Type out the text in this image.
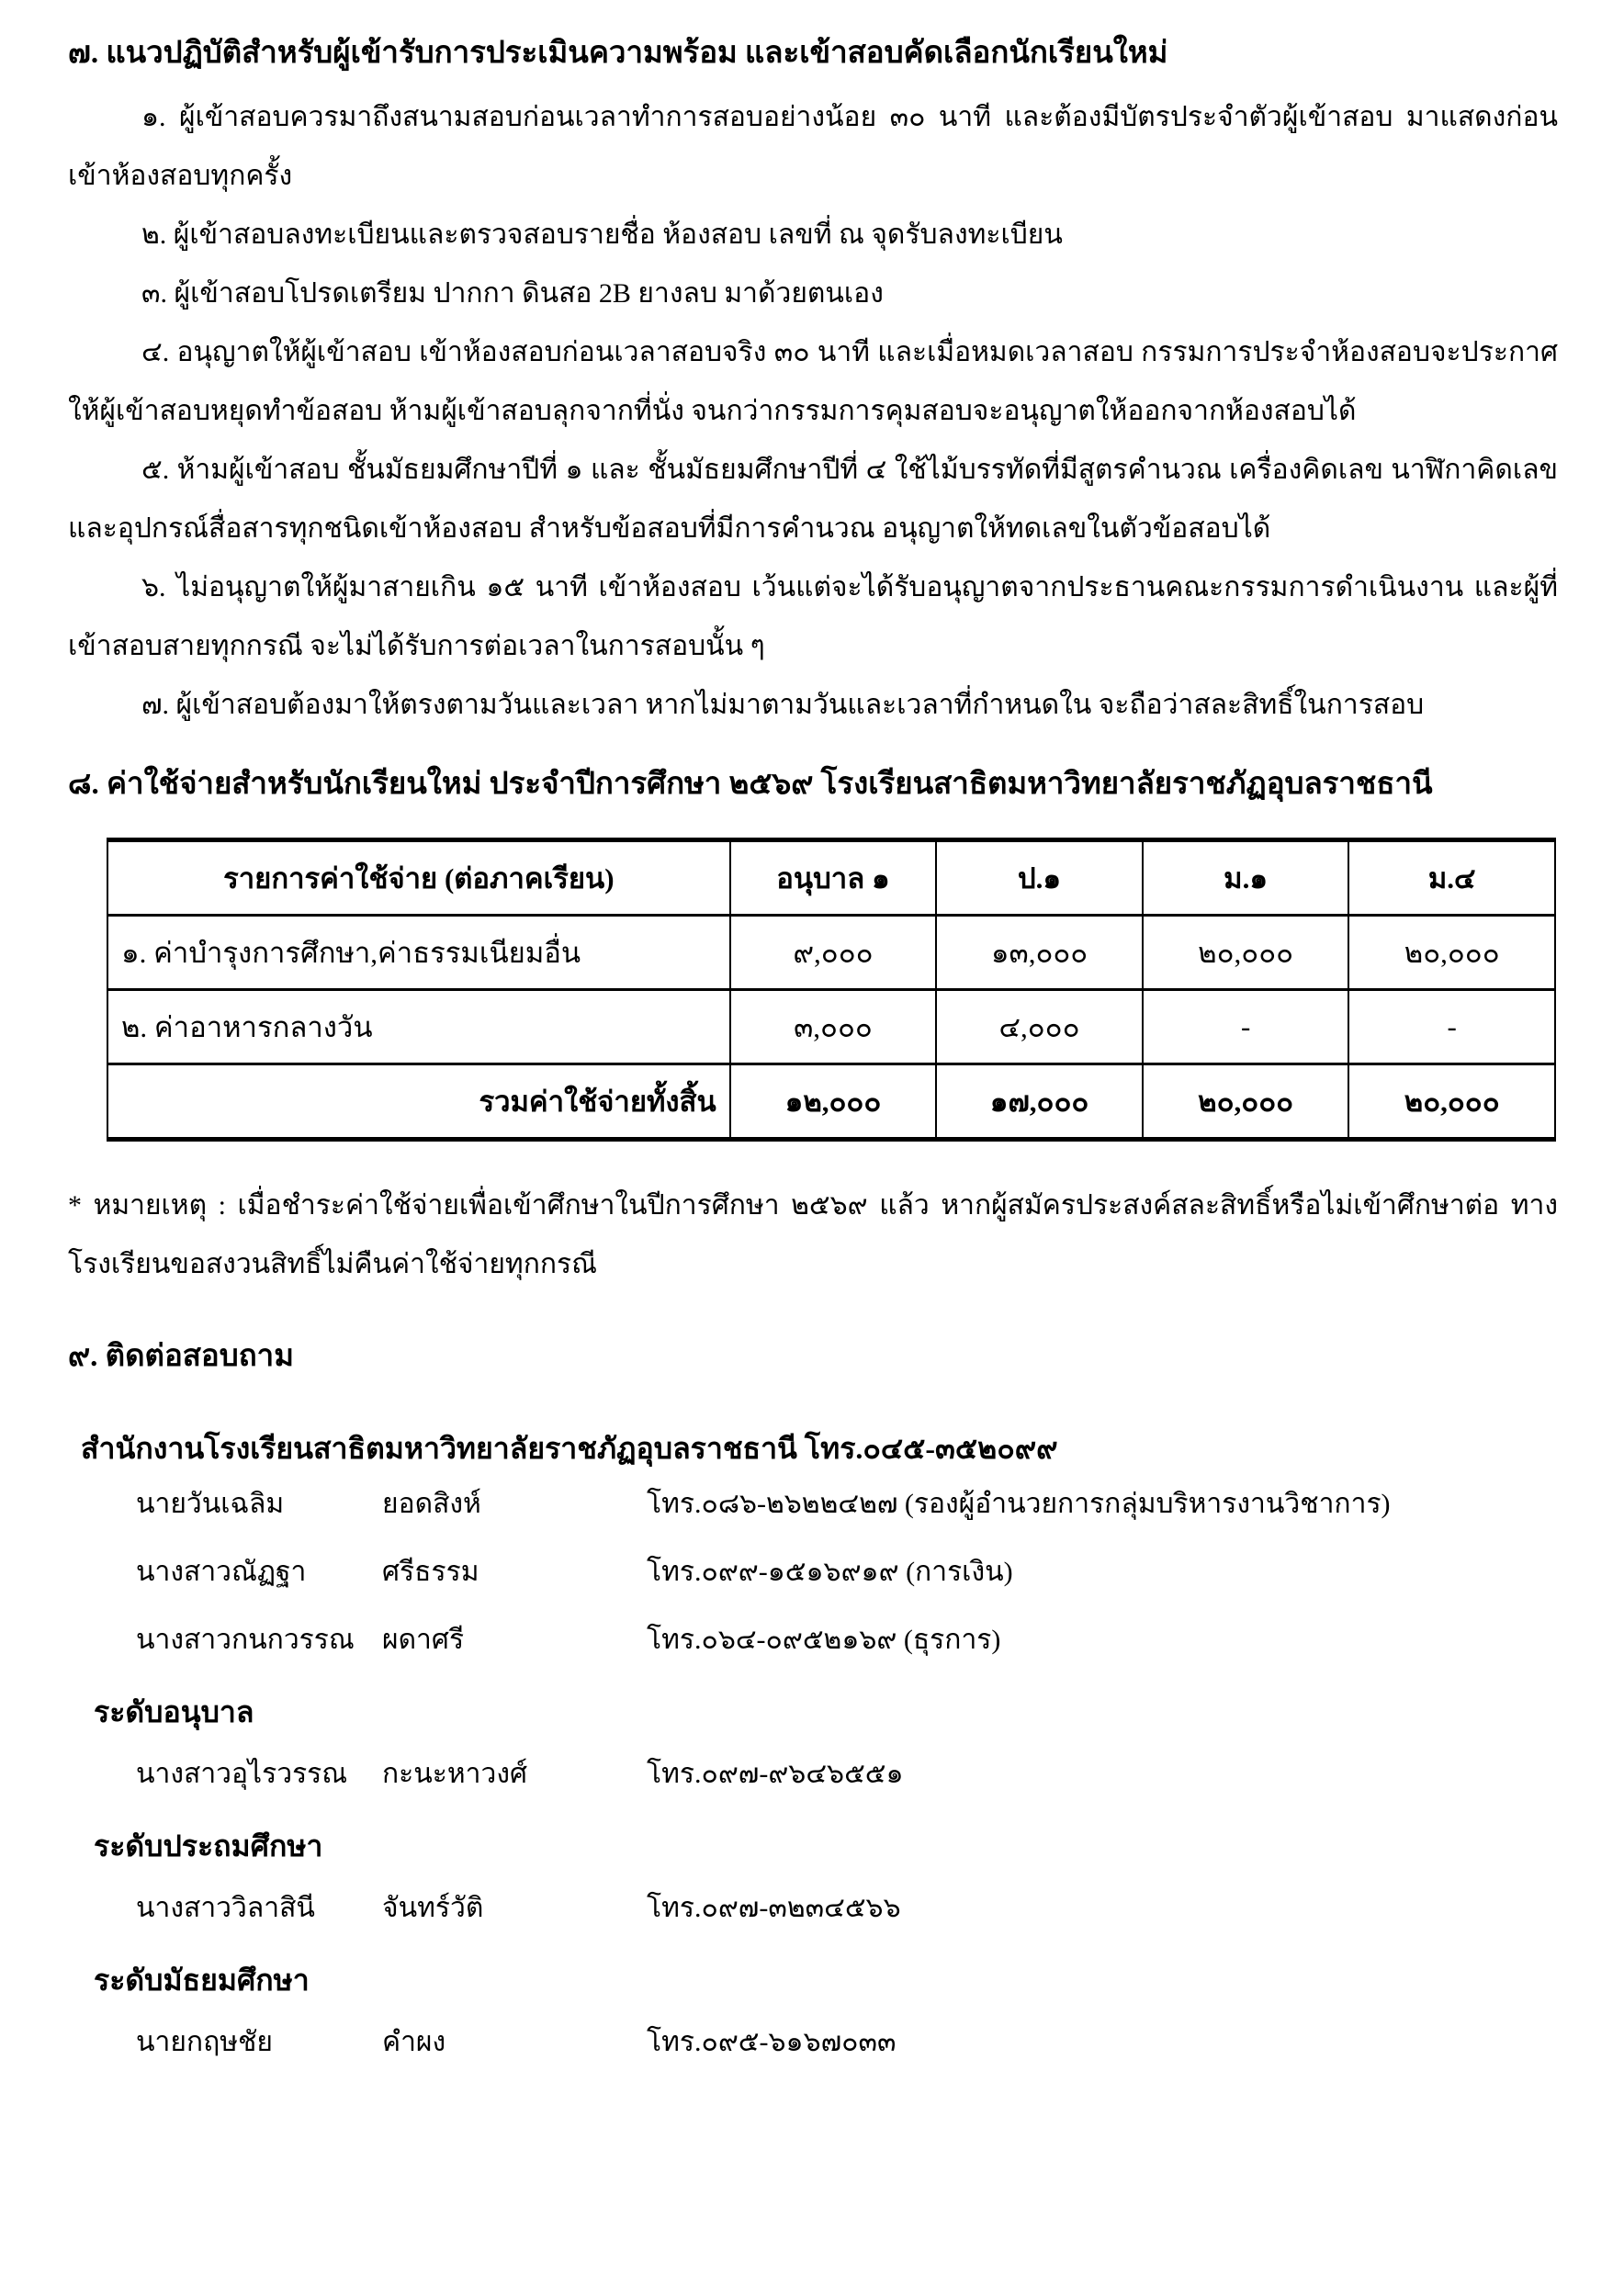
๗. แนวปฏิบัติสำหรับผู้เข้ารับการประเมินความพร้อม และเข้าสอบคัดเลือกนักเรียนใหม่

๑. ผู้เข้าสอบควรมาถึงสนามสอบก่อนเวลาทำการสอบอย่างน้อย ๓๐ นาที และต้องมีบัตรประจำตัวผู้เข้าสอบ มาแสดงก่อนเข้าห้องสอบทุกครั้ง

๒. ผู้เข้าสอบลงทะเบียนและตรวจสอบรายชื่อ ห้องสอบ เลขที่ ณ จุดรับลงทะเบียน

๓. ผู้เข้าสอบโปรดเตรียม ปากกา ดินสอ 2B ยางลบ มาด้วยตนเอง

๔. อนุญาตให้ผู้เข้าสอบ เข้าห้องสอบก่อนเวลาสอบจริง ๓๐ นาที และเมื่อหมดเวลาสอบ กรรมการประจำห้องสอบจะประกาศให้ผู้เข้าสอบหยุดทำข้อสอบ ห้ามผู้เข้าสอบลุกจากที่นั่ง จนกว่ากรรมการคุมสอบจะอนุญาตให้ออกจากห้องสอบได้

๕. ห้ามผู้เข้าสอบ ชั้นมัธยมศึกษาปีที่ ๑ และ ชั้นมัธยมศึกษาปีที่ ๔ ใช้ไม้บรรทัดที่มีสูตรคำนวณ เครื่องคิดเลข นาฬิกาคิดเลข และอุปกรณ์สื่อสารทุกชนิดเข้าห้องสอบ สำหรับข้อสอบที่มีการคำนวณ อนุญาตให้ทดเลขในตัวข้อสอบได้

๖. ไม่อนุญาตให้ผู้มาสายเกิน ๑๕ นาที เข้าห้องสอบ เว้นแต่จะได้รับอนุญาตจากประธานคณะกรรมการดำเนินงาน และผู้ที่เข้าสอบสายทุกกรณี จะไม่ได้รับการต่อเวลาในการสอบนั้น ๆ

๗. ผู้เข้าสอบต้องมาให้ตรงตามวันและเวลา หากไม่มาตามวันและเวลาที่กำหนดใน จะถือว่าสละสิทธิ์ในการสอบ

๘. ค่าใช้จ่ายสำหรับนักเรียนใหม่ ประจำปีการศึกษา ๒๕๖๙ โรงเรียนสาธิตมหาวิทยาลัยราชภัฏอุบลราชธานี
รายการค่าใช้จ่าย (ต่อภาคเรียน)	อนุบาล ๑	ป.๑	ม.๑	ม.๔
๑. ค่าบำรุงการศึกษา,ค่าธรรมเนียมอื่น	๙,๐๐๐	๑๓,๐๐๐	๒๐,๐๐๐	๒๐,๐๐๐
๒. ค่าอาหารกลางวัน	๓,๐๐๐	๔,๐๐๐	-	-
รวมค่าใช้จ่ายทั้งสิ้น	๑๒,๐๐๐	๑๗,๐๐๐	๒๐,๐๐๐	๒๐,๐๐๐

* หมายเหตุ : เมื่อชำระค่าใช้จ่ายเพื่อเข้าศึกษาในปีการศึกษา ๒๕๖๙ แล้ว หากผู้สมัครประสงค์สละสิทธิ์หรือไม่เข้าศึกษาต่อ ทางโรงเรียนขอสงวนสิทธิ์ไม่คืนค่าใช้จ่ายทุกกรณี

๙. ติดต่อสอบถาม
สำนักงานโรงเรียนสาธิตมหาวิทยาลัยราชภัฏอุบลราชธานี โทร.๐๔๕-๓๕๒๐๙๙
นายวันเฉลิม	ยอดสิงห์	โทร.๐๘๖-๒๖๒๒๔๒๗ (รองผู้อำนวยการกลุ่มบริหารงานวิชาการ)
นางสาวณัฏฐา	ศรีธรรม	โทร.๐๙๙-๑๕๑๖๙๑๙ (การเงิน)
นางสาวกนกวรรณ	ผดาศรี	โทร.๐๖๔-๐๙๕๒๑๖๙ (ธุรการ)
ระดับอนุบาล
นางสาวอุไรวรรณ	กะนะหาวงศ์	โทร.๐๙๗-๙๖๔๖๕๕๑
ระดับประถมศึกษา
นางสาววิลาสินี	จันทร์วัติ	โทร.๐๙๗-๓๒๓๔๕๖๖
ระดับมัธยมศึกษา
นายกฤษชัย	คำผง	โทร.๐๙๕-๖๑๖๗๐๓๓
